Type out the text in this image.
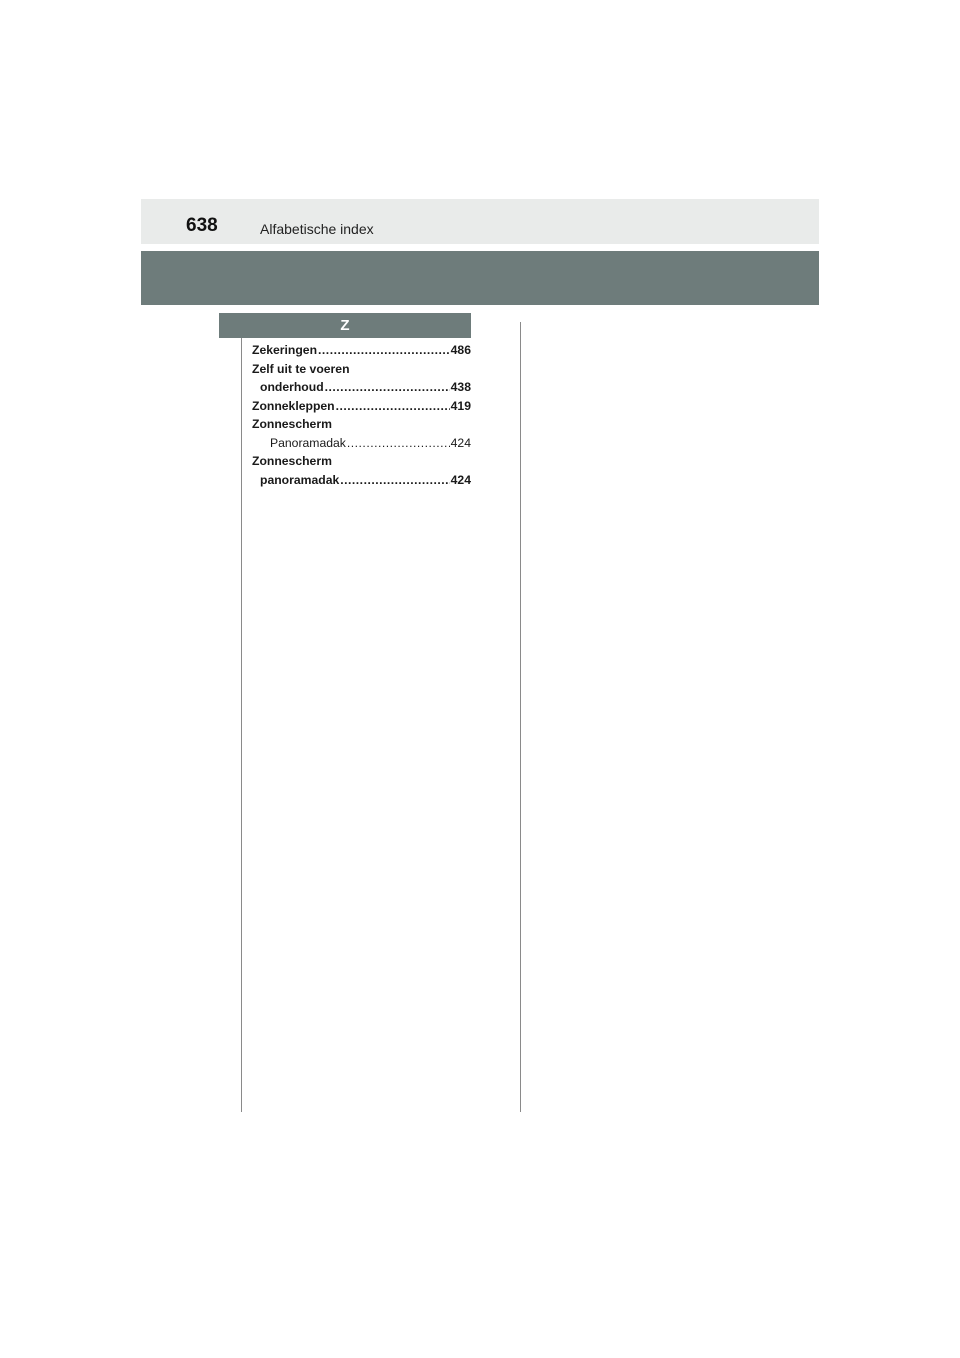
638	Alfabetische index
Z
Zekeringen .....	486
Zelf uit te voeren
onderhoud .....	438
Zonnekleppen .....	419
Zonnescherm
Panoramadak .....	424
Zonnescherm
panoramadak .....	424
